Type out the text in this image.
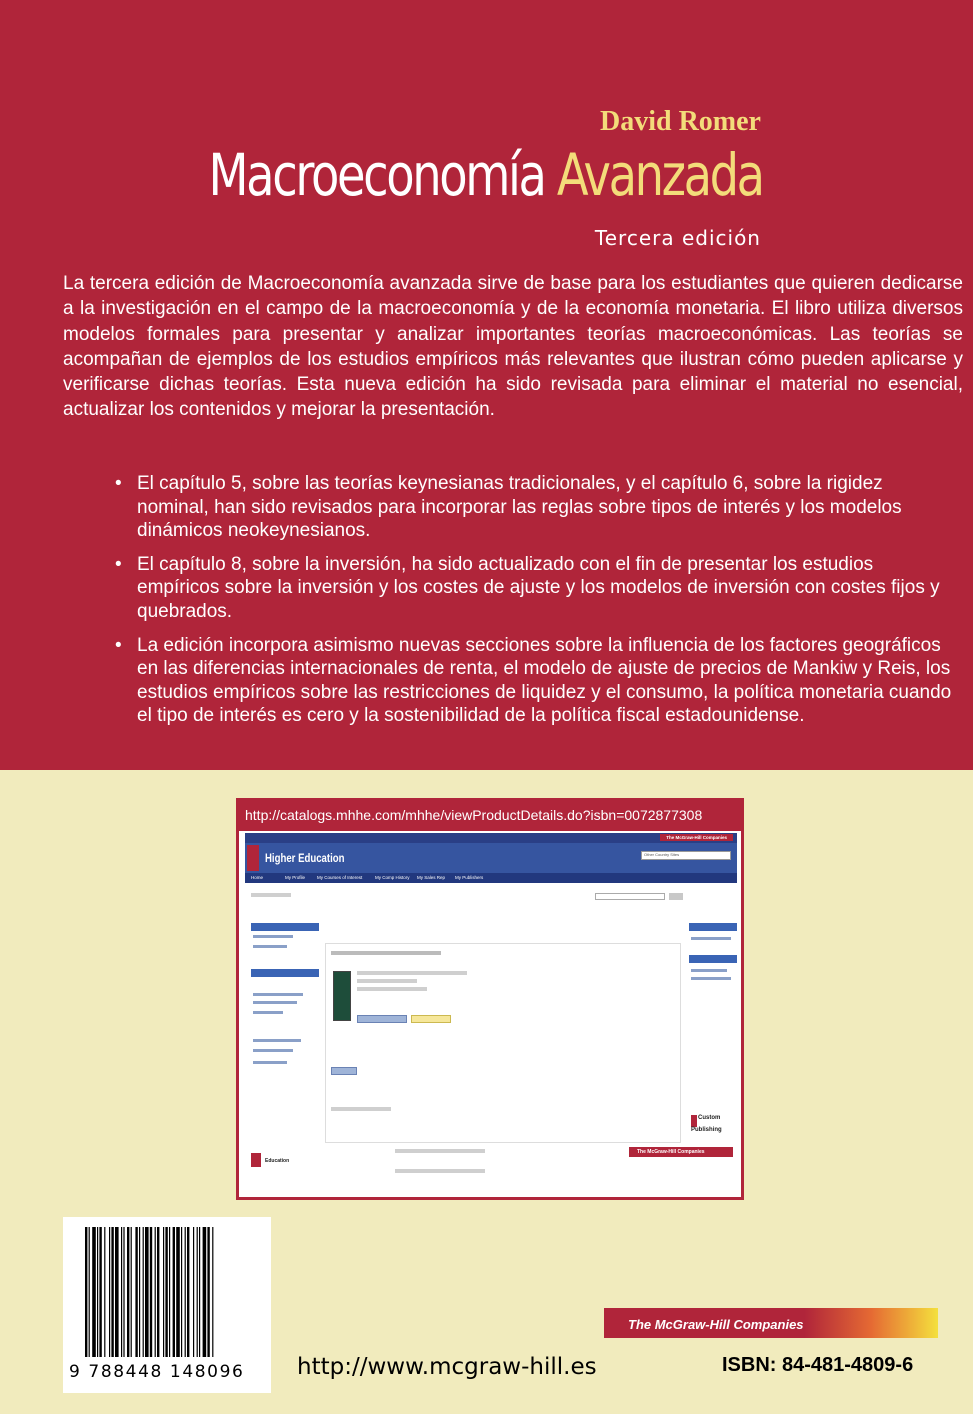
David Romer
Macroeconomía Avanzada
Tercera edición

La tercera edición de Macroeconomía avanzada sirve de base para los estudiantes que quieren dedicarse a la investigación en el campo de la macroeconomía y de la economía monetaria. El libro utiliza diversos modelos formales para presentar y analizar importantes teorías macroeconómicas. Las teorías se acompañan de ejemplos de los estudios empíricos más relevantes que ilustran cómo pueden aplicarse y verificarse dichas teorías. Esta nueva edición ha sido revisada para eliminar el material no esencial, actualizar los contenidos y mejorar la presentación.

• El capítulo 5, sobre las teorías keynesianas tradicionales, y el capítulo 6, sobre la rigidez nominal, han sido revisados para incorporar las reglas sobre tipos de interés y los modelos dinámicos neokeynesianos.
• El capítulo 8, sobre la inversión, ha sido actualizado con el fin de presentar los estudios empíricos sobre la inversión y los costes de ajuste y los modelos de inversión con costes fijos y quebrados.
• La edición incorpora asimismo nuevas secciones sobre la influencia de los factores geográficos en las diferencias internacionales de renta, el modelo de ajuste de precios de Mankiw y Reis, los estudios empíricos sobre las restricciones de liquidez y el consumo, la política monetaria cuando el tipo de interés es cero y la sostenibilidad de la política fiscal estadounidense.
http://catalogs.mhhe.com/mhhe/viewProductDetails.do?isbn=0072877308
The McGraw-Hill Companies
Higher Education	Other Country Sites
Home	My Profile	My Courses of Interest	My Comp History My Sales Rep My Publishers
Custom Publishing
Education
The McGraw-Hill Companies
9 788448 148096
The McGraw-Hill Companies
http://www.mcgraw-hill.es	ISBN: 84-481-4809-6
